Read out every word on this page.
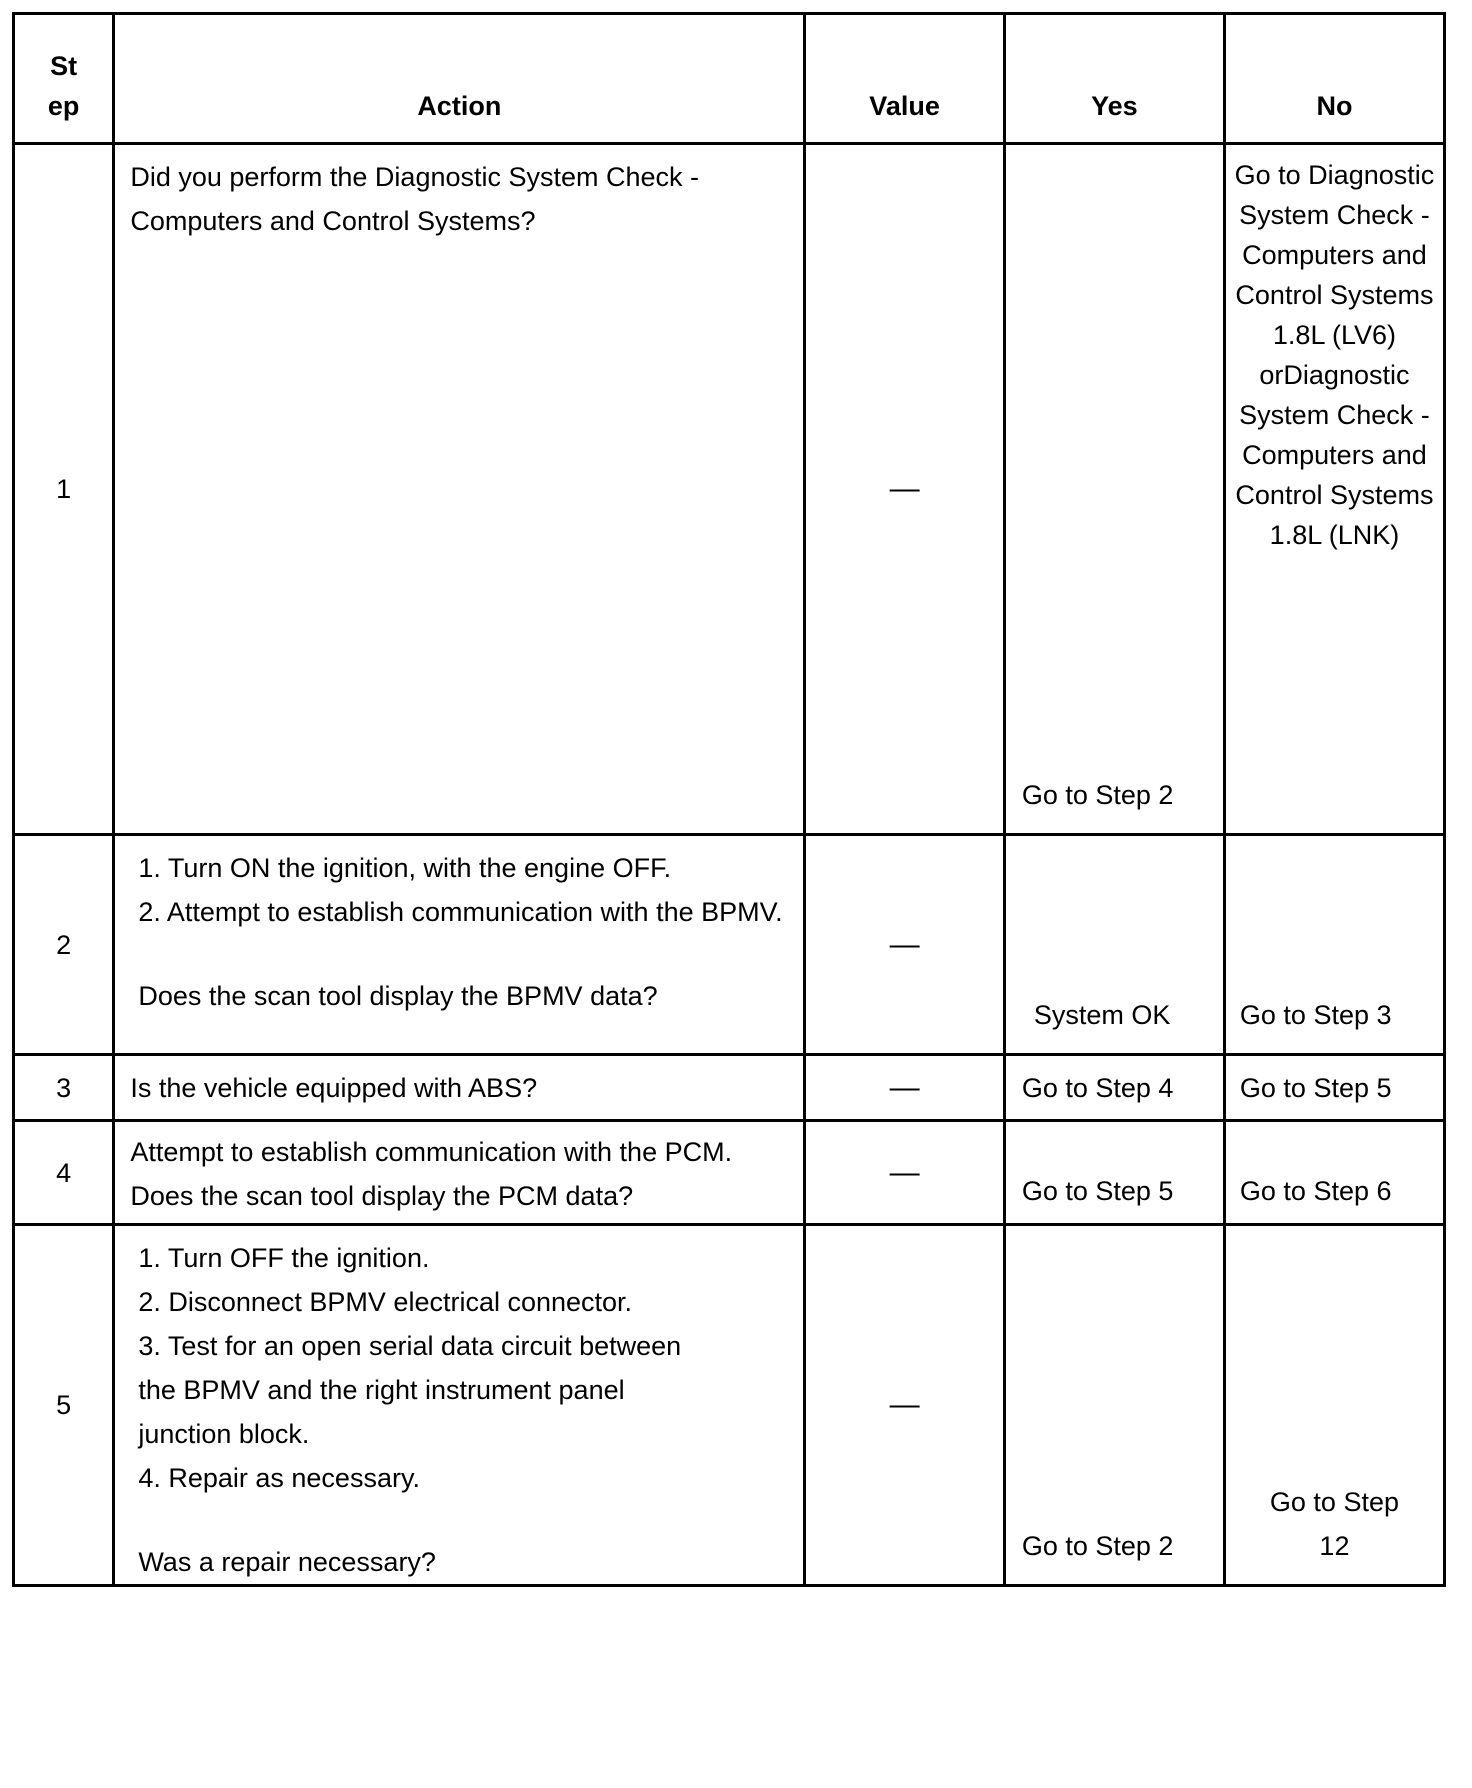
St ep	Action	Value	Yes	No
1	Did you perform the Diagnostic System Check - Computers and Control Systems?	—	Go to Step 2	Go to Diagnostic System Check - Computers and Control Systems 1.8L (LV6) orDiagnostic System Check - Computers and Control Systems 1.8L (LNK)
2	1. Turn ON the ignition, with the engine OFF.
2. Attempt to establish communication with the BPMV.
Does the scan tool display the BPMV data?	—	System OK	Go to Step 3
3	Is the vehicle equipped with ABS?	—	Go to Step 4	Go to Step 5
4	Attempt to establish communication with the PCM. Does the scan tool display the PCM data?	—	Go to Step 5	Go to Step 6
5	1. Turn OFF the ignition.
2. Disconnect BPMV electrical connector.
3. Test for an open serial data circuit between the BPMV and the right instrument panel junction block.
4. Repair as necessary.
Was a repair necessary?	—	Go to Step 2	Go to Step 12
